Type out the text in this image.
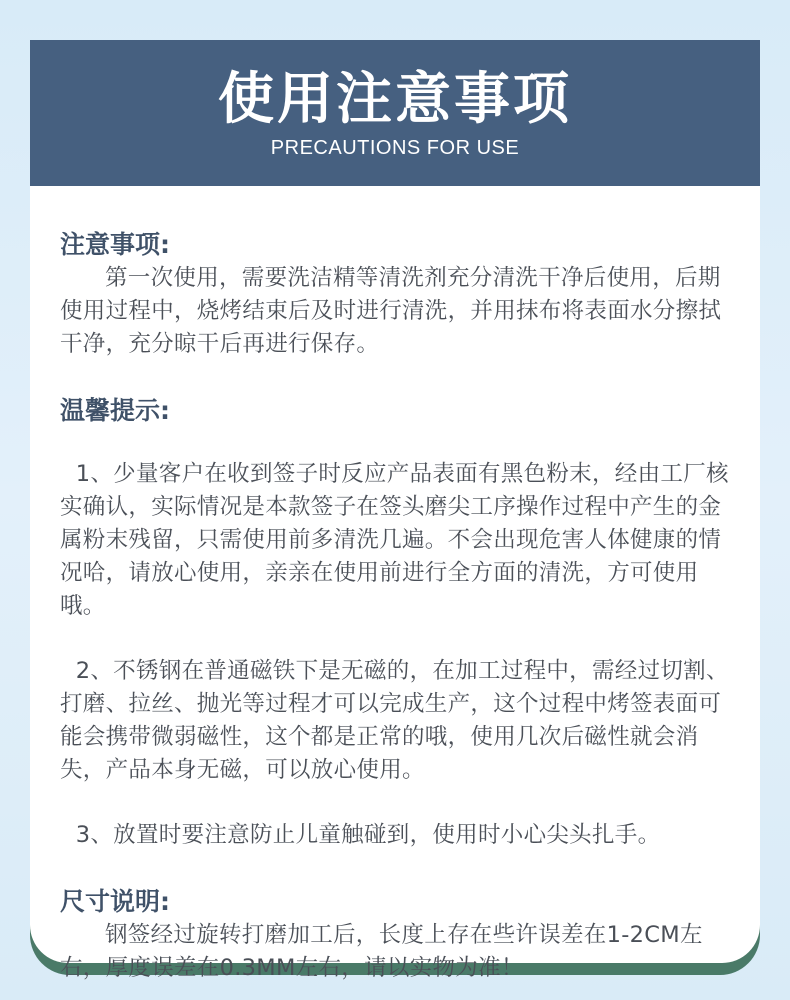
使用注意事项
PRECAUTIONS FOR USE
注意事项:

第一次使用，需要洗洁精等清洗剂充分清洗干净后使用，后期使用过程中，烧烤结束后及时进行清洗，并用抹布将表面水分擦拭干净，充分晾干后再进行保存。

温馨提示:

1、少量客户在收到签子时反应产品表面有黑色粉末，经由工厂核实确认，实际情况是本款签子在签头磨尖工序操作过程中产生的金属粉末残留，只需使用前多清洗几遍。不会出现危害人体健康的情况哈，请放心使用，亲亲在使用前进行全方面的清洗，方可使用哦。

2、不锈钢在普通磁铁下是无磁的，在加工过程中，需经过切割、打磨、拉丝、抛光等过程才可以完成生产，这个过程中烤签表面可能会携带微弱磁性，这个都是正常的哦，使用几次后磁性就会消失，产品本身无磁，可以放心使用。

3、放置时要注意防止儿童触碰到，使用时小心尖头扎手。

尺寸说明:

钢签经过旋转打磨加工后，长度上存在些许误差在1-2CM左右，厚度误差在0.3MM左右，请以实物为准！
